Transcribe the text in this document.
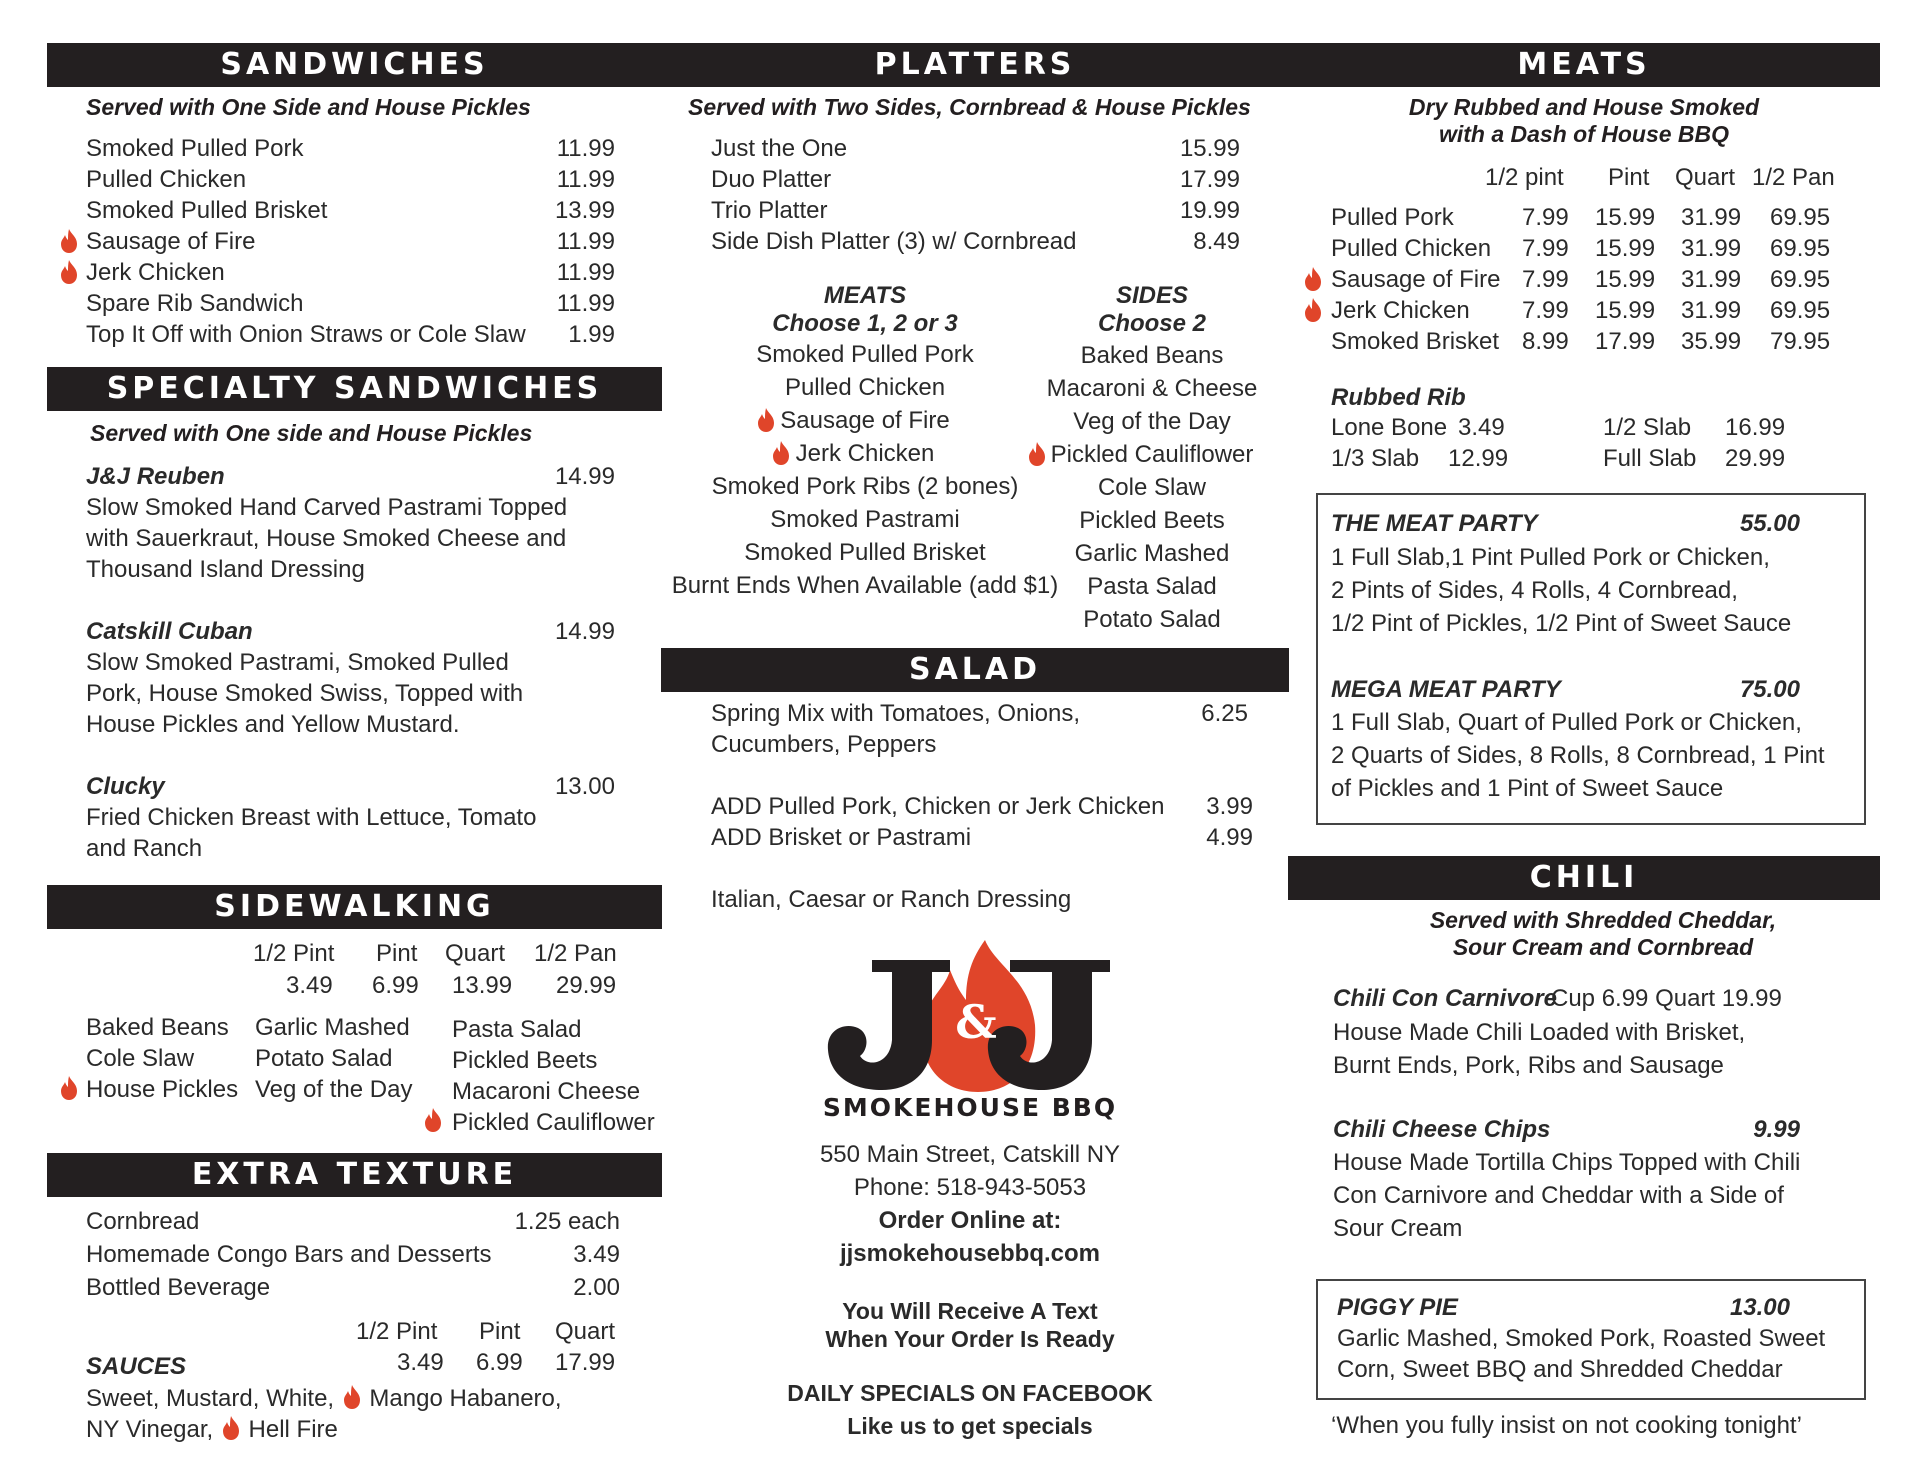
SANDWICHES
Served with One Side and House Pickles
Smoked Pulled Pork	11.99
Pulled Chicken	11.99
Smoked Pulled Brisket	13.99
Sausage of Fire	11.99
Jerk Chicken	11.99
Spare Rib Sandwich	11.99
Top It Off with Onion Straws or Cole Slaw	1.99
SPECIALTY SANDWICHES
Served with One side and House Pickles
J&J Reuben	14.99
Slow Smoked Hand Carved Pastrami Topped
with Sauerkraut, House Smoked Cheese and
Thousand Island Dressing
Catskill Cuban	14.99
Slow Smoked Pastrami, Smoked Pulled
Pork, House Smoked Swiss, Topped with
House Pickles and Yellow Mustard.
Clucky	13.00
Fried Chicken Breast with Lettuce, Tomato
and Ranch
SIDEWALKING
1/2 Pint Pint Quart 1/2 Pan
3.49 6.99 13.99 29.99
Baked Beans
Cole Slaw
House Pickles
Garlic Mashed
Potato Salad
Veg of the Day
Pasta Salad
Pickled Beets
Macaroni Cheese
Pickled Cauliflower
EXTRA TEXTURE
Cornbread	1.25 each
Homemade Congo Bars and Desserts	3.49
Bottled Beverage	2.00
1/2 Pint Pint Quart
3.49 6.99 17.99
SAUCES
Sweet, Mustard, White,  Mango Habanero,
NY Vinegar,  Hell Fire
PLATTERS
Served with Two Sides, Cornbread & House Pickles
Just the One	15.99
Duo Platter	17.99
Trio Platter	19.99
Side Dish Platter (3) w/ Cornbread	8.49
MEATS
Choose 1, 2 or 3
SIDES
Choose 2
Smoked Pulled Pork
Pulled Chicken
Sausage of Fire
Jerk Chicken
Smoked Pork Ribs (2 bones)
Smoked Pastrami
Smoked Pulled Brisket
Burnt Ends When Available (add $1)
Baked Beans
Macaroni & Cheese
Veg of the Day
Pickled Cauliflower
Cole Slaw
Pickled Beets
Garlic Mashed
Pasta Salad
Potato Salad
SALAD
Spring Mix with Tomatoes, Onions,
Cucumbers, Peppers
6.25
ADD Pulled Pork, Chicken or Jerk Chicken	3.99
ADD Brisket or Pastrami	4.99
Italian, Caesar or Ranch Dressing
&
SMOKEHOUSE BBQ
550 Main Street, Catskill NY
Phone: 518-943-5053
Order Online at:
jjsmokehousebbq.com
You Will Receive A Text
When Your Order Is Ready
DAILY SPECIALS ON FACEBOOK
Like us to get specials
MEATS
Dry Rubbed and House Smoked
with a Dash of House BBQ
1/2 pint Pint Quart 1/2 Pan
Pulled Pork	7.99 15.99 31.99 69.95
Pulled Chicken 7.99 15.99 31.99 69.95
Sausage of Fire 7.99 15.99 31.99 69.95
Jerk Chicken 7.99 15.99 31.99 69.95
Smoked Brisket 8.99 17.99 35.99 79.95
Rubbed Rib
Lone Bone 3.49
1/3 Slab 12.99
1/2 Slab 16.99
Full Slab 29.99
THE MEAT PARTY	55.00
1 Full Slab,1 Pint Pulled Pork or Chicken,
2 Pints of Sides, 4 Rolls, 4 Cornbread,
1/2 Pint of Pickles, 1/2 Pint of Sweet Sauce
MEGA MEAT PARTY	75.00
1 Full Slab, Quart of Pulled Pork or Chicken,
2 Quarts of Sides, 8 Rolls, 8 Cornbread, 1 Pint
of Pickles and 1 Pint of Sweet Sauce
CHILI
Served with Shredded Cheddar,
Sour Cream and Cornbread
Chili Con Carnivore
Cup 6.99 Quart 19.99
House Made Chili Loaded with Brisket,
Burnt Ends, Pork, Ribs and Sausage
Chili Cheese Chips	9.99
House Made Tortilla Chips Topped with Chili
Con Carnivore and Cheddar with a Side of
Sour Cream
PIGGY PIE	13.00
Garlic Mashed, Smoked Pork, Roasted Sweet
Corn, Sweet BBQ and Shredded Cheddar
‘When you fully insist on not cooking tonight’
